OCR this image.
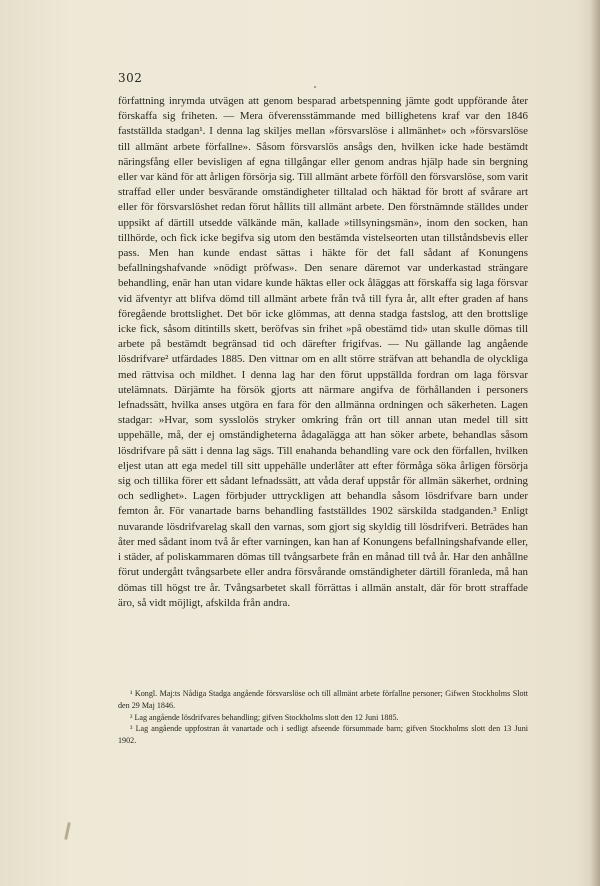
302

författning inrymda utvägen att genom besparad arbetspenning jämte godt uppförande åter förskaffa sig friheten. — Mera öfverensstämmande med billighetens kraf var den 1846 fastställda stadgan¹. I denna lag skiljes mellan »försvarslöse i allmänhet» och »försvarslöse till allmänt arbete förfallne». Såsom försvarslös ansågs den, hvilken icke hade bestämdt näringsfång eller bevisligen af egna tillgångar eller genom andras hjälp hade sin bergning eller var känd för att årligen försörja sig. Till allmänt arbete förföll den försvarslöse, som varit straffad eller under besvärande omständigheter tilltalad och häktad för brott af svårare art eller för försvarslöshet redan förut hållits till allmänt arbete. Den förstnämnde ställdes under uppsikt af därtill utsedde välkände män, kallade »tillsyningsmän», inom den socken, han tillhörde, och fick icke begifva sig utom den bestämda vistelseorten utan tillståndsbevis eller pass. Men han kunde endast sättas i häkte för det fall sådant af Konungens befallningshafvande »nödigt pröfwas». Den senare däremot var underkastad strängare behandling, enär han utan vidare kunde häktas eller ock åläggas att förskaffa sig laga försvar vid äfventyr att blifva dömd till allmänt arbete från två till fyra år, allt efter graden af hans föregående brottslighet. Det bör icke glömmas, att denna stadga fastslog, att den brottslige icke fick, såsom ditintills skett, beröfvas sin frihet »på obestämd tid» utan skulle dömas till arbete på bestämdt begränsad tid och därefter frigifvas. — Nu gällande lag angående lösdrifvare² utfärdades 1885. Den vittnar om en allt större sträfvan att behandla de olyckliga med rättvisa och mildhet. I denna lag har den förut uppställda fordran om laga försvar utelämnats. Därjämte ha försök gjorts att närmare angifva de förhållanden i personers lefnadssätt, hvilka anses utgöra en fara för den allmänna ordningen och säkerheten. Lagen stadgar: »Hvar, som sysslolös stryker omkring från ort till annan utan medel till sitt uppehälle, må, der ej omständigheterna ådagalägga att han söker arbete, behandlas såsom lösdrifvare på sätt i denna lag sägs. Till enahanda behandling vare ock den förfallen, hvilken eljest utan att ega medel till sitt uppehälle underlåter att efter förmåga söka årligen försörja sig och tillika förer ett sådant lefnadssätt, att våda deraf uppstår för allmän säkerhet, ordning och sedlighet». Lagen förbjuder uttryckligen att behandla såsom lösdrifvare barn under femton år. För vanartade barns behandling fastställdes 1902 särskilda stadganden.³ Enligt nuvarande lösdrifvarelag skall den varnas, som gjort sig skyldig till lösdrifveri. Beträdes han åter med sådant inom två år efter varningen, kan han af Konungens befallningshafvande eller, i städer, af poliskammaren dömas till tvångsarbete från en månad till två år. Har den anhållne förut undergått tvångsarbete eller andra försvårande omständigheter därtill föranleda, må han dömas till högst tre år. Tvångsarbetet skall förrättas i allmän anstalt, där för brott straffade äro, så vidt möjligt, afskilda från andra.

¹ Kongl. Maj:ts Nådiga Stadga angående försvarslöse och till allmänt arbete förfallne personer; Gifwen Stockholms Slott den 29 Maj 1846.

² Lag angående lösdrifvares behandling; gifven Stockholms slott den 12 Juni 1885.

³ Lag angående uppfostran åt vanartade och i sedligt afseende försummade barn; gifven Stockholms slott den 13 Juni 1902.
